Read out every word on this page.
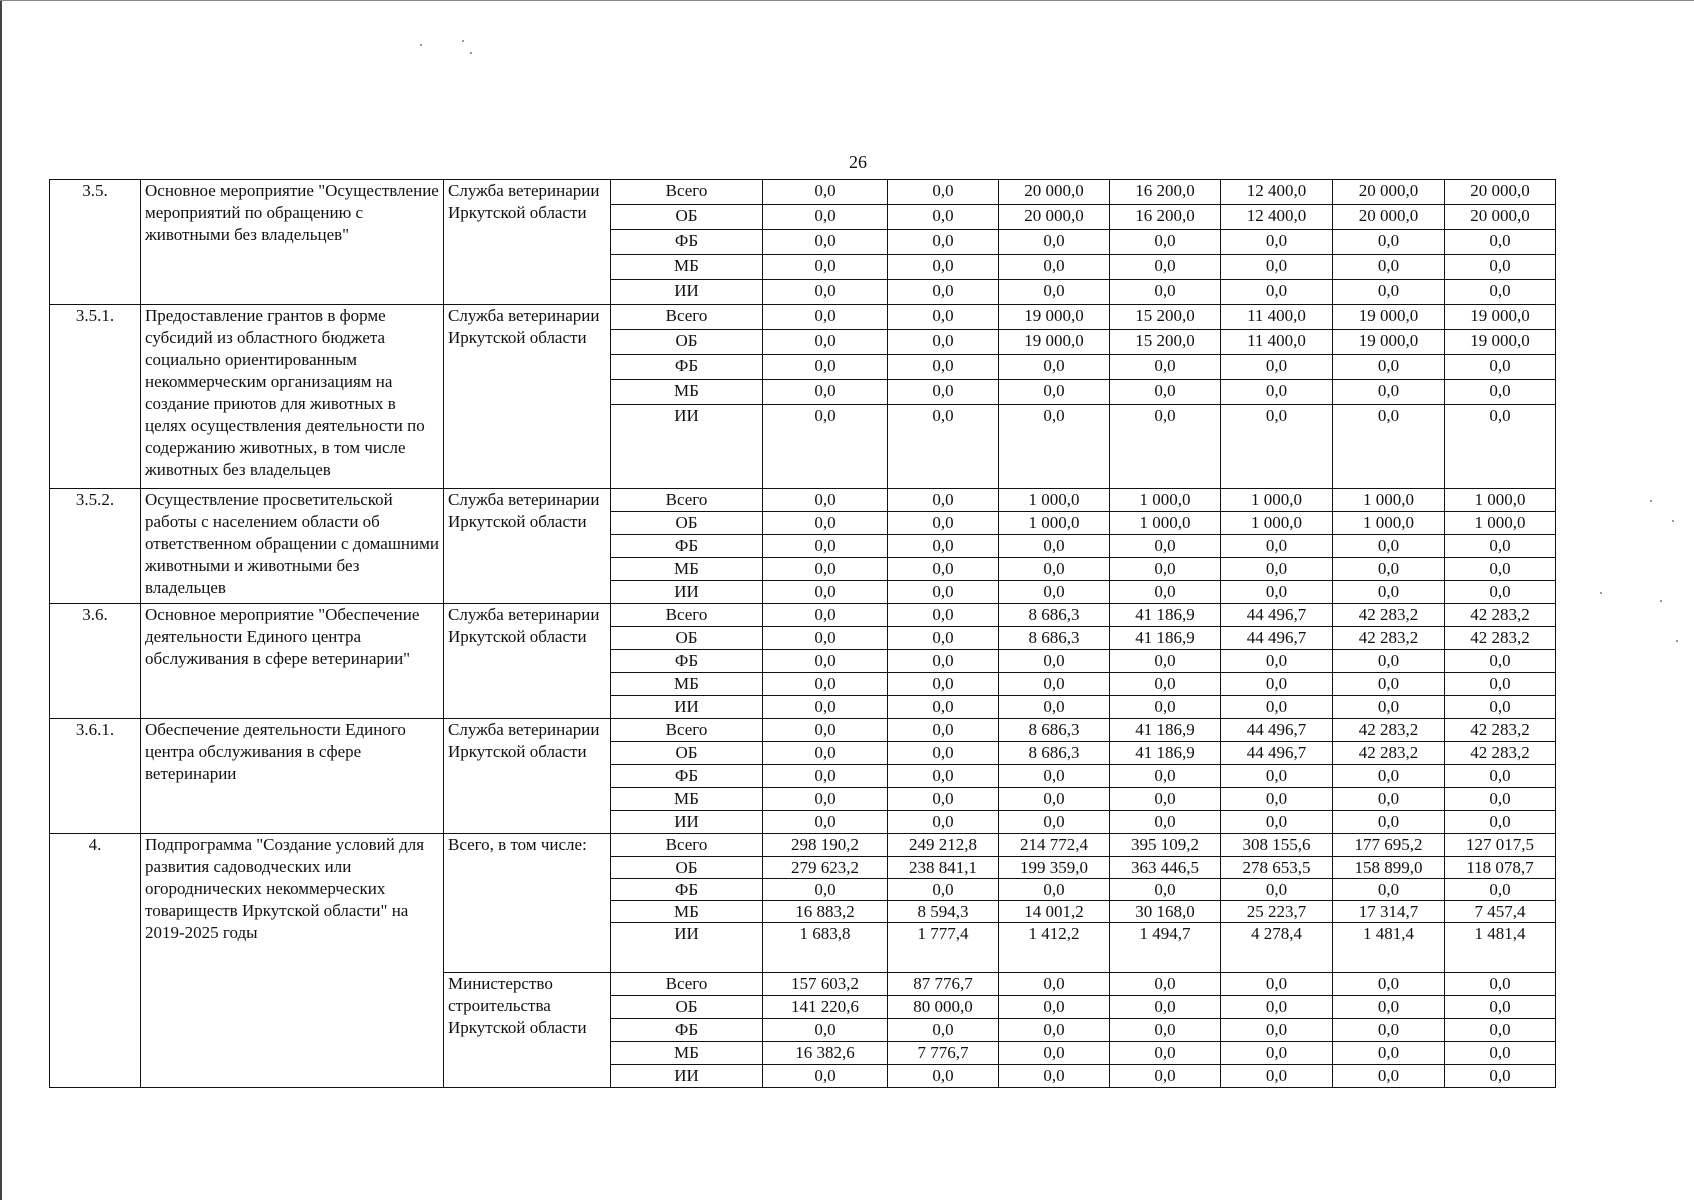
26
3.5.	Основное мероприятие "Осуществление мероприятий по обращению с животными без владельцев"	Служба ветеринарии Иркутской области	Всего	0,0	0,0	20 000,0	16 200,0	12 400,0	20 000,0	20 000,0
			ОБ	0,0	0,0	20 000,0	16 200,0	12 400,0	20 000,0	20 000,0
			ФБ	0,0	0,0	0,0	0,0	0,0	0,0	0,0
			МБ	0,0	0,0	0,0	0,0	0,0	0,0	0,0
			ИИ	0,0	0,0	0,0	0,0	0,0	0,0	0,0
3.5.1.	Предоставление грантов в форме субсидий из областного бюджета социально ориентированным некоммерческим организациям на создание приютов для животных в целях осуществления деятельности по содержанию животных, в том числе животных без владельцев	Служба ветеринарии Иркутской области	Всего	0,0	0,0	19 000,0	15 200,0	11 400,0	19 000,0	19 000,0
			ОБ	0,0	0,0	19 000,0	15 200,0	11 400,0	19 000,0	19 000,0
			ФБ	0,0	0,0	0,0	0,0	0,0	0,0	0,0
			МБ	0,0	0,0	0,0	0,0	0,0	0,0	0,0
			ИИ	0,0	0,0	0,0	0,0	0,0	0,0	0,0
3.5.2.	Осуществление просветительской работы с населением области об ответственном обращении с домашними животными и животными без владельцев	Служба ветеринарии Иркутской области	Всего	0,0	0,0	1 000,0	1 000,0	1 000,0	1 000,0	1 000,0
			ОБ	0,0	0,0	1 000,0	1 000,0	1 000,0	1 000,0	1 000,0
			ФБ	0,0	0,0	0,0	0,0	0,0	0,0	0,0
			МБ	0,0	0,0	0,0	0,0	0,0	0,0	0,0
			ИИ	0,0	0,0	0,0	0,0	0,0	0,0	0,0
3.6.	Основное мероприятие "Обеспечение деятельности Единого центра обслуживания в сфере ветеринарии"	Служба ветеринарии Иркутской области	Всего	0,0	0,0	8 686,3	41 186,9	44 496,7	42 283,2	42 283,2
			ОБ	0,0	0,0	8 686,3	41 186,9	44 496,7	42 283,2	42 283,2
			ФБ	0,0	0,0	0,0	0,0	0,0	0,0	0,0
			МБ	0,0	0,0	0,0	0,0	0,0	0,0	0,0
			ИИ	0,0	0,0	0,0	0,0	0,0	0,0	0,0
3.6.1.	Обеспечение деятельности Единого центра обслуживания в сфере ветеринарии	Служба ветеринарии Иркутской области	Всего	0,0	0,0	8 686,3	41 186,9	44 496,7	42 283,2	42 283,2
			ОБ	0,0	0,0	8 686,3	41 186,9	44 496,7	42 283,2	42 283,2
			ФБ	0,0	0,0	0,0	0,0	0,0	0,0	0,0
			МБ	0,0	0,0	0,0	0,0	0,0	0,0	0,0
			ИИ	0,0	0,0	0,0	0,0	0,0	0,0	0,0
4.	Подпрограмма "Создание условий для развития садоводческих или огороднических некоммерческих товариществ Иркутской области" на 2019-2025 годы	Всего, в том числе:	Всего	298 190,2	249 212,8	214 772,4	395 109,2	308 155,6	177 695,2	127 017,5
			ОБ	279 623,2	238 841,1	199 359,0	363 446,5	278 653,5	158 899,0	118 078,7
			ФБ	0,0	0,0	0,0	0,0	0,0	0,0	0,0
			МБ	16 883,2	8 594,3	14 001,2	30 168,0	25 223,7	17 314,7	7 457,4
			ИИ	1 683,8	1 777,4	1 412,2	1 494,7	4 278,4	1 481,4	1 481,4
		Министерство строительства Иркутской области	Всего	157 603,2	87 776,7	0,0	0,0	0,0	0,0	0,0
			ОБ	141 220,6	80 000,0	0,0	0,0	0,0	0,0	0,0
			ФБ	0,0	0,0	0,0	0,0	0,0	0,0	0,0
			МБ	16 382,6	7 776,7	0,0	0,0	0,0	0,0	0,0
			ИИ	0,0	0,0	0,0	0,0	0,0	0,0	0,0
